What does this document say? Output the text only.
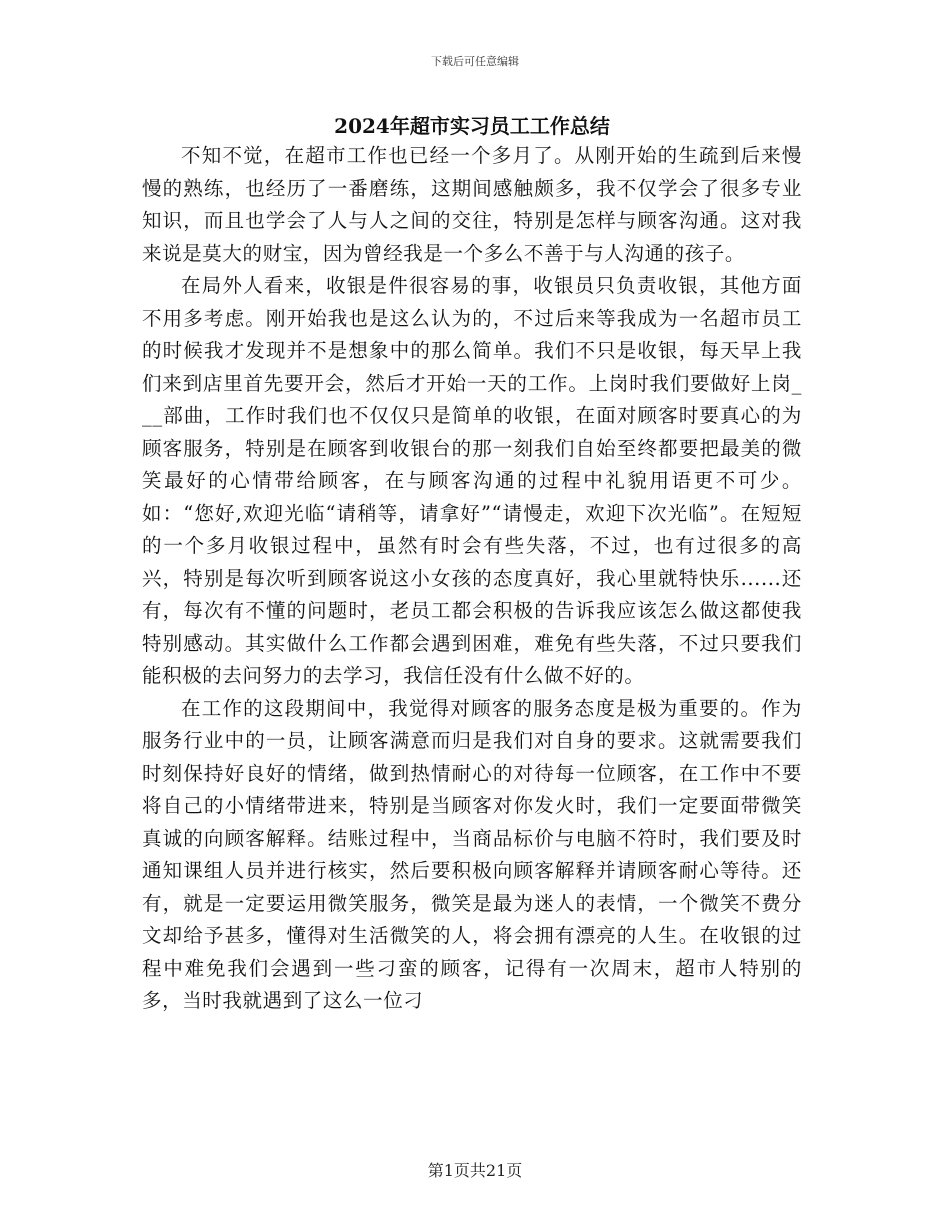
下载后可任意编辑
2024年超市实习员工工作总结

不知不觉，在超市工作也已经一个多月了。从刚开始的生疏到后来慢慢的熟练，也经历了一番磨练，这期间感触颇多，我不仅学会了很多专业知识，而且也学会了人与人之间的交往，特别是怎样与顾客沟通。这对我来说是莫大的财宝，因为曾经我是一个多么不善于与人沟通的孩子。

在局外人看来，收银是件很容易的事，收银员只负责收银，其他方面不用多考虑。刚开始我也是这么认为的，不过后来等我成为一名超市员工的时候我才发现并不是想象中的那么简单。我们不只是收银，每天早上我们来到店里首先要开会，然后才开始一天的工作。上岗时我们要做好上岗___部曲，工作时我们也不仅仅只是简单的收银，在面对顾客时要真心的为顾客服务，特别是在顾客到收银台的那一刻我们自始至终都要把最美的微笑最好的心情带给顾客，在与顾客沟通的过程中礼貌用语更不可少。如：“您好,欢迎光临“请稍等，请拿好”“请慢走，欢迎下次光临”。在短短的一个多月收银过程中，虽然有时会有些失落，不过，也有过很多的高兴，特别是每次听到顾客说这小女孩的态度真好，我心里就特快乐......还有，每次有不懂的问题时，老员工都会积极的告诉我应该怎么做这都使我特别感动。其实做什么工作都会遇到困难，难免有些失落，不过只要我们能积极的去问努力的去学习，我信任没有什么做不好的。

在工作的这段期间中，我觉得对顾客的服务态度是极为重要的。作为服务行业中的一员，让顾客满意而归是我们对自身的要求。这就需要我们时刻保持好良好的情绪，做到热情耐心的对待每一位顾客，在工作中不要将自己的小情绪带进来，特别是当顾客对你发火时，我们一定要面带微笑真诚的向顾客解释。结账过程中，当商品标价与电脑不符时，我们要及时通知课组人员并进行核实，然后要积极向顾客解释并请顾客耐心等待。还有，就是一定要运用微笑服务，微笑是最为迷人的表情，一个微笑不费分文却给予甚多，懂得对生活微笑的人，将会拥有漂亮的人生。在收银的过程中难免我们会遇到一些刁蛮的顾客，记得有一次周末，超市人特别的多，当时我就遇到了这么一位刁

第1页共21页
